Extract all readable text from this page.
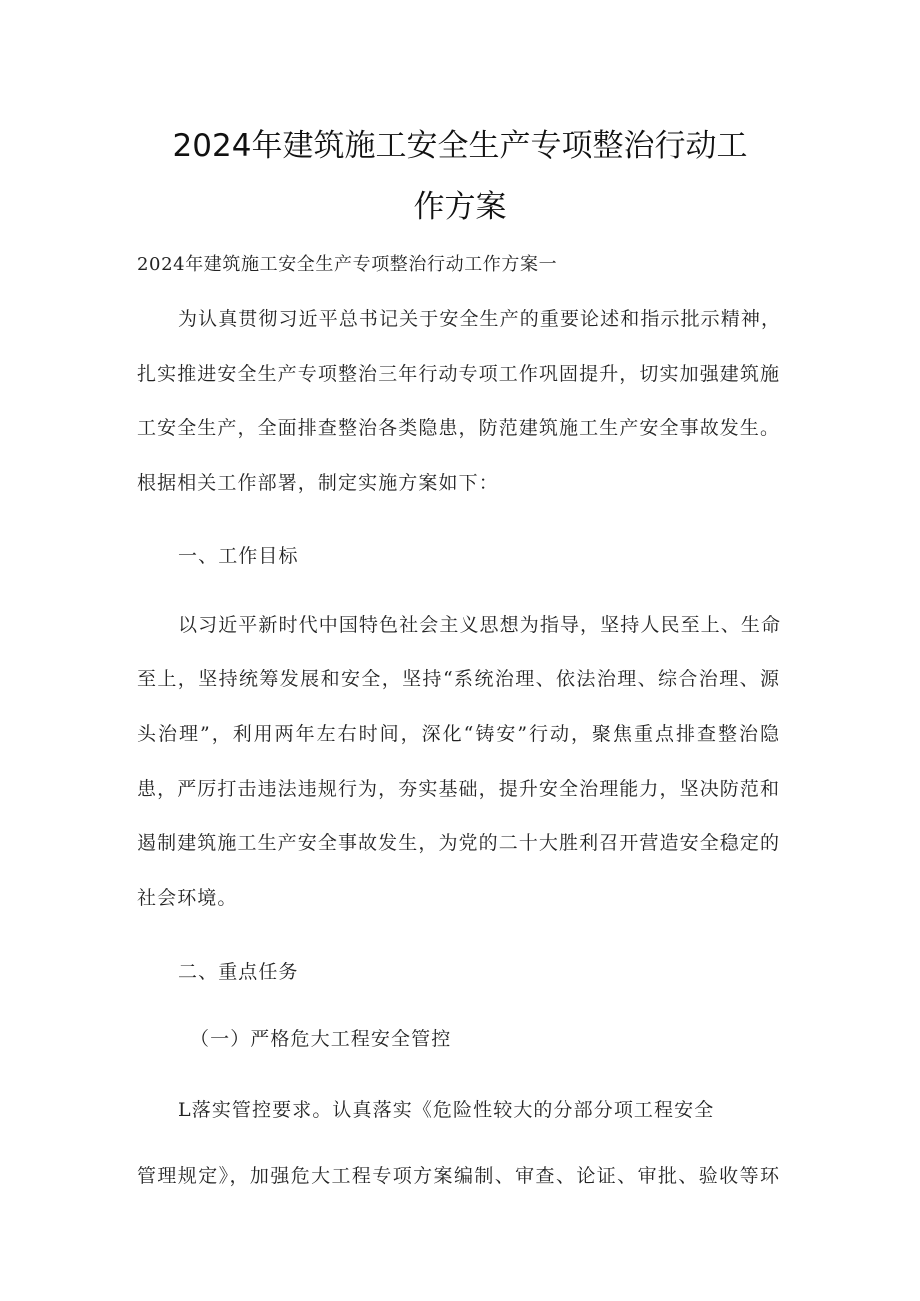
2024年建筑施工安全生产专项整治行动工
作方案

2024年建筑施工安全生产专项整治行动工作方案一

为认真贯彻习近平总书记关于安全生产的重要论述和指示批示精神，

扎实推进安全生产专项整治三年行动专项工作巩固提升，切实加强建筑施

工安全生产，全面排查整治各类隐患，防范建筑施工生产安全事故发生。

根据相关工作部署，制定实施方案如下：

一、工作目标

以习近平新时代中国特色社会主义思想为指导，坚持人民至上、生命

至上，坚持统筹发展和安全，坚持“系统治理、依法治理、综合治理、源

头治理”，利用两年左右时间，深化“铸安”行动，聚焦重点排查整治隐

患，严厉打击违法违规行为，夯实基础，提升安全治理能力，坚决防范和

遏制建筑施工生产安全事故发生，为党的二十大胜利召开营造安全稳定的

社会环境。

二、重点任务

（一）严格危大工程安全管控

L落实管控要求。认真落实《危险性较大的分部分项工程安全

管理规定》，加强危大工程专项方案编制、审查、论证、审批、验收等环
